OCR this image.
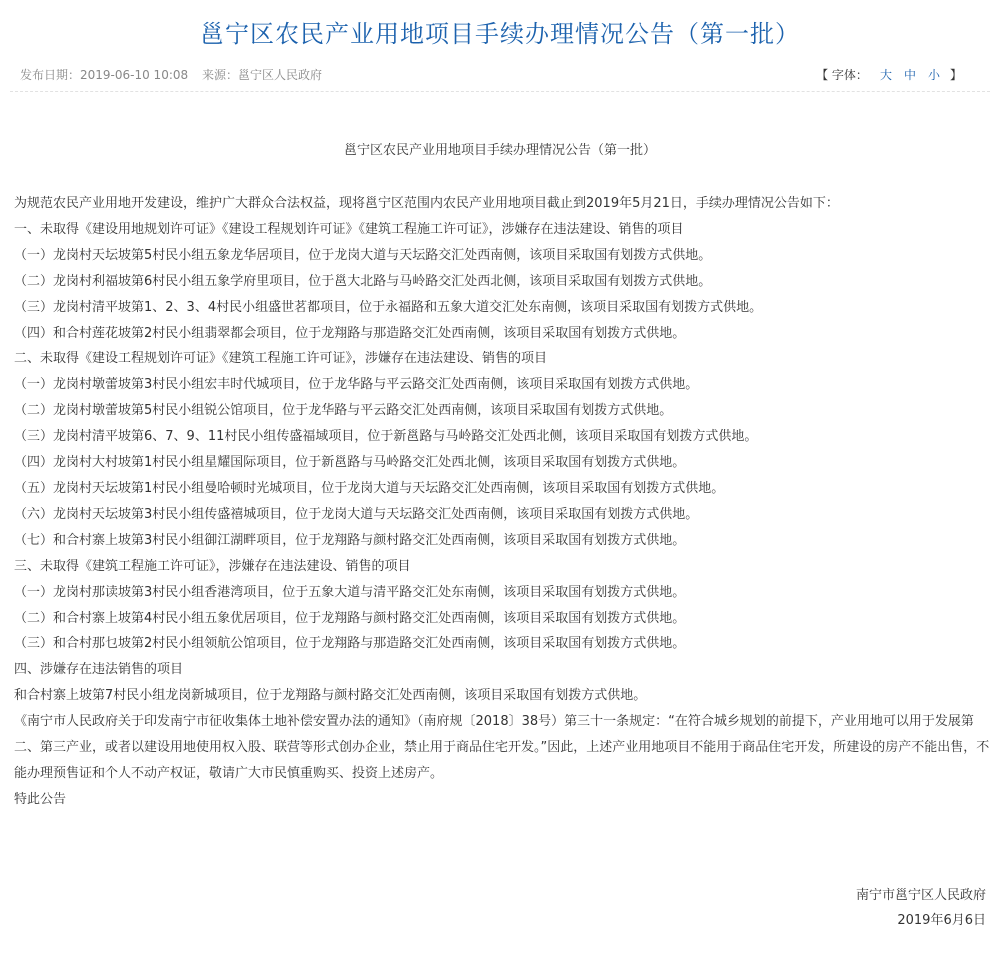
邕宁区农民产业用地项目手续办理情况公告（第一批）
发布日期：2019-06-10 10:08 来源：邕宁区人民政府	【 字体： 大 中 小 】
邕宁区农民产业用地项目手续办理情况公告（第一批）

为规范农民产业用地开发建设，维护广大群众合法权益，现将邕宁区范围内农民产业用地项目截止到2019年5月21日，手续办理情况公告如下：

一、未取得《建设用地规划许可证》《建设工程规划许可证》《建筑工程施工许可证》，涉嫌存在违法建设、销售的项目

（一）龙岗村天坛坡第5村民小组五象龙华居项目，位于龙岗大道与天坛路交汇处西南侧，该项目采取国有划拨方式供地。

（二）龙岗村利福坡第6村民小组五象学府里项目，位于邕大北路与马岭路交汇处西北侧，该项目采取国有划拨方式供地。

（三）龙岗村清平坡第1、2、3、4村民小组盛世茗都项目，位于永福路和五象大道交汇处东南侧，该项目采取国有划拨方式供地。

（四）和合村莲花坡第2村民小组翡翠都会项目，位于龙翔路与那造路交汇处西南侧，该项目采取国有划拨方式供地。

二、未取得《建设工程规划许可证》《建筑工程施工许可证》，涉嫌存在违法建设、销售的项目

（一）龙岗村墩蕾坡第3村民小组宏丰时代城项目，位于龙华路与平云路交汇处西南侧，该项目采取国有划拨方式供地。

（二）龙岗村墩蕾坡第5村民小组锐公馆项目，位于龙华路与平云路交汇处西南侧，该项目采取国有划拨方式供地。

（三）龙岗村清平坡第6、7、9、11村民小组传盛福域项目，位于新邕路与马岭路交汇处西北侧，该项目采取国有划拨方式供地。

（四）龙岗村大村坡第1村民小组星耀国际项目，位于新邕路与马岭路交汇处西北侧，该项目采取国有划拨方式供地。

（五）龙岗村天坛坡第1村民小组曼哈顿时光城项目，位于龙岗大道与天坛路交汇处西南侧，该项目采取国有划拨方式供地。

（六）龙岗村天坛坡第3村民小组传盛禧城项目，位于龙岗大道与天坛路交汇处西南侧，该项目采取国有划拨方式供地。

（七）和合村寨上坡第3村民小组御江湖畔项目，位于龙翔路与颜村路交汇处西南侧，该项目采取国有划拨方式供地。

三、未取得《建筑工程施工许可证》，涉嫌存在违法建设、销售的项目

（一）龙岗村那读坡第3村民小组香港湾项目，位于五象大道与清平路交汇处东南侧，该项目采取国有划拨方式供地。

（二）和合村寨上坡第4村民小组五象优居项目，位于龙翔路与颜村路交汇处西南侧，该项目采取国有划拨方式供地。

（三）和合村那乜坡第2村民小组领航公馆项目，位于龙翔路与那造路交汇处西南侧，该项目采取国有划拨方式供地。

四、涉嫌存在违法销售的项目

和合村寨上坡第7村民小组龙岗新城项目，位于龙翔路与颜村路交汇处西南侧，该项目采取国有划拨方式供地。

《南宁市人民政府关于印发南宁市征收集体土地补偿安置办法的通知》（南府规〔2018〕38号）第三十一条规定：“在符合城乡规划的前提下，产业用地可以用于发展第二、第三产业，或者以建设用地使用权入股、联营等形式创办企业，禁止用于商品住宅开发。”因此，上述产业用地项目不能用于商品住宅开发，所建设的房产不能出售，不能办理预售证和个人不动产权证，敬请广大市民慎重购买、投资上述房产。

特此公告

南宁市邕宁区人民政府
2019年6月6日
